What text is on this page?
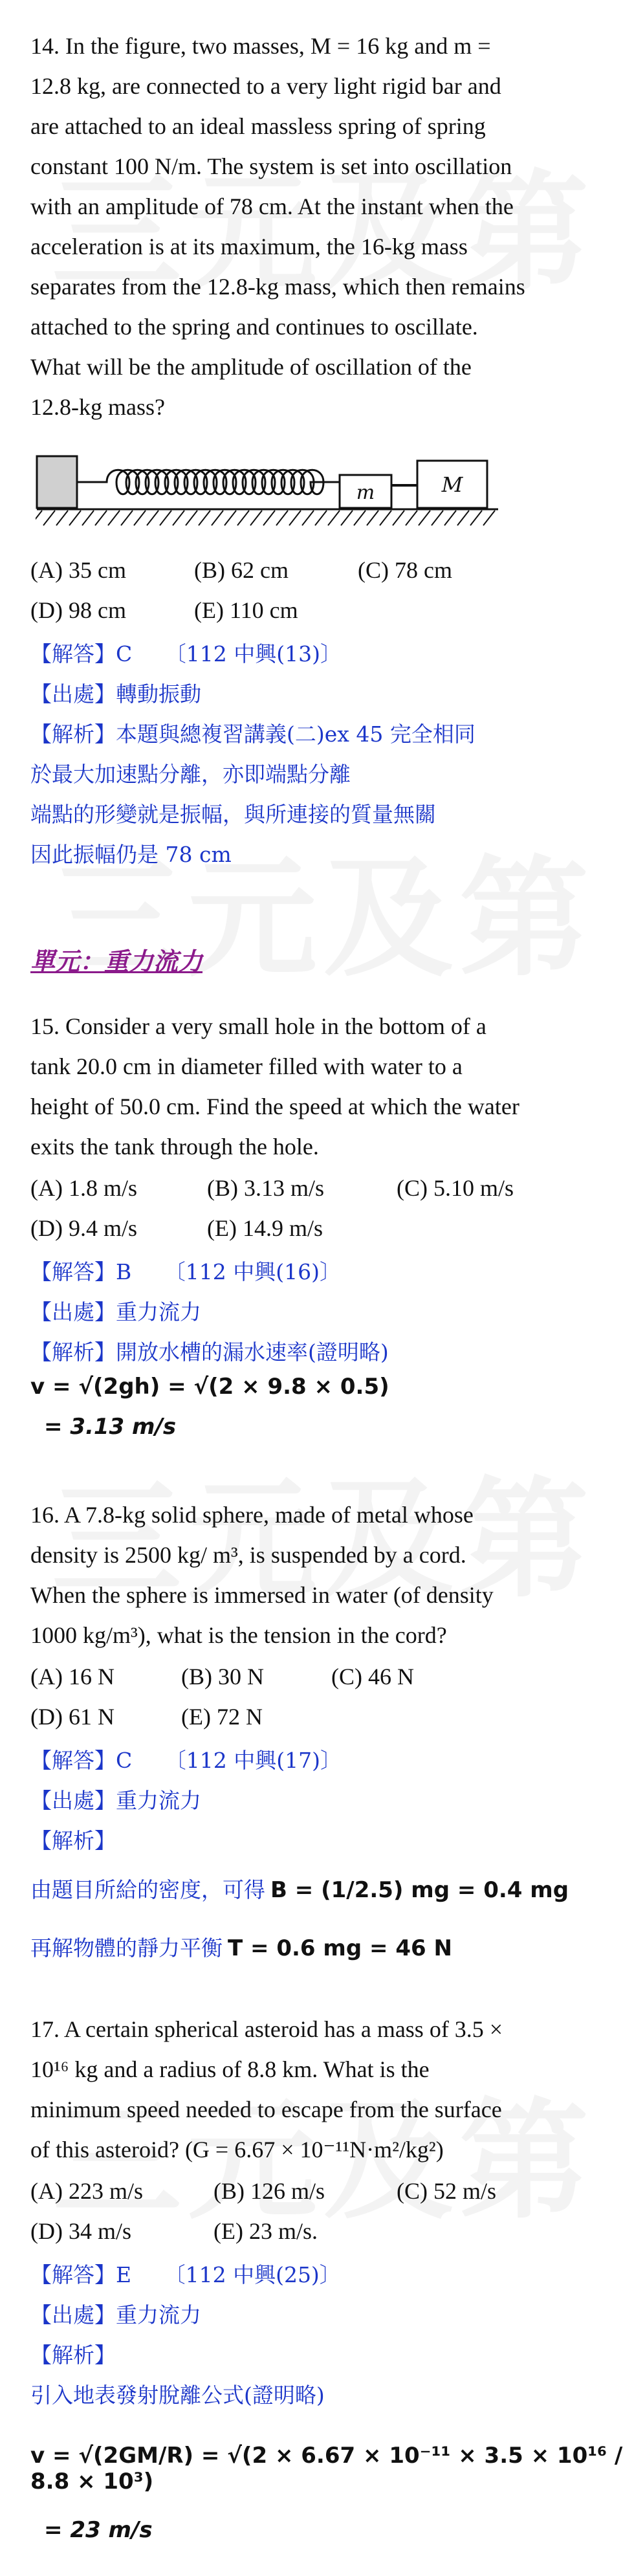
14. In the figure, two masses, M = 16 kg and m =
12.8 kg, are connected to a very light rigid bar and
are attached to an ideal massless spring of spring
constant 100 N/m. The system is set into oscillation
with an amplitude of 78 cm. At the instant when the
acceleration is at its maximum, the 16-kg mass
separates from the 12.8-kg mass, which then remains
attached to the spring and continues to oscillate.
What will be the amplitude of oscillation of the
12.8-kg mass?
m	M
(A) 35 cm	(B) 62 cm	(C) 78 cm
(D) 98 cm	(E) 110 cm
【解答】C 〔112 中興(13)〕
【出處】轉動振動
【解析】本題與總複習講義(二)ex 45 完全相同
於最大加速點分離，亦即端點分離
端點的形變就是振幅，與所連接的質量無關
因此振幅仍是 78 cm
單元：重力流力
15. Consider a very small hole in the bottom of a
tank 20.0 cm in diameter filled with water to a
height of 50.0 cm. Find the speed at which the water
exits the tank through the hole.
(A) 1.8 m/s	(B) 3.13 m/s	(C) 5.10 m/s
(D) 9.4 m/s	(E) 14.9 m/s
【解答】B 〔112 中興(16)〕
【出處】重力流力
【解析】開放水槽的漏水速率(證明略)
v = √(2gh) = √(2 × 9.8 × 0.5)
= 3.13 m/s
16. A 7.8-kg solid sphere, made of metal whose
density is 2500 kg/ m³, is suspended by a cord.
When the sphere is immersed in water (of density
1000 kg/m³), what is the tension in the cord?
(A) 16 N	(B) 30 N	(C) 46 N
(D) 61 N	(E) 72 N
【解答】C 〔112 中興(17)〕
【出處】重力流力
【解析】
由題目所給的密度，可得 B = (1/2.5) mg = 0.4 mg
再解物體的靜力平衡 T = 0.6 mg = 46 N
17. A certain spherical asteroid has a mass of 3.5 ×
10¹⁶ kg and a radius of 8.8 km. What is the
minimum speed needed to escape from the surface
of this asteroid? (G = 6.67 × 10⁻¹¹N·m²/kg²)
(A) 223 m/s	(B) 126 m/s	(C) 52 m/s
(D) 34 m/s	(E) 23 m/s.
【解答】E 〔112 中興(25)〕
【出處】重力流力
【解析】
引入地表發射脫離公式(證明略)
v = √(2GM/R) = √(2 × 6.67 × 10⁻¹¹ × 3.5 × 10¹⁶ / 8.8 × 10³)
= 23 m/s
